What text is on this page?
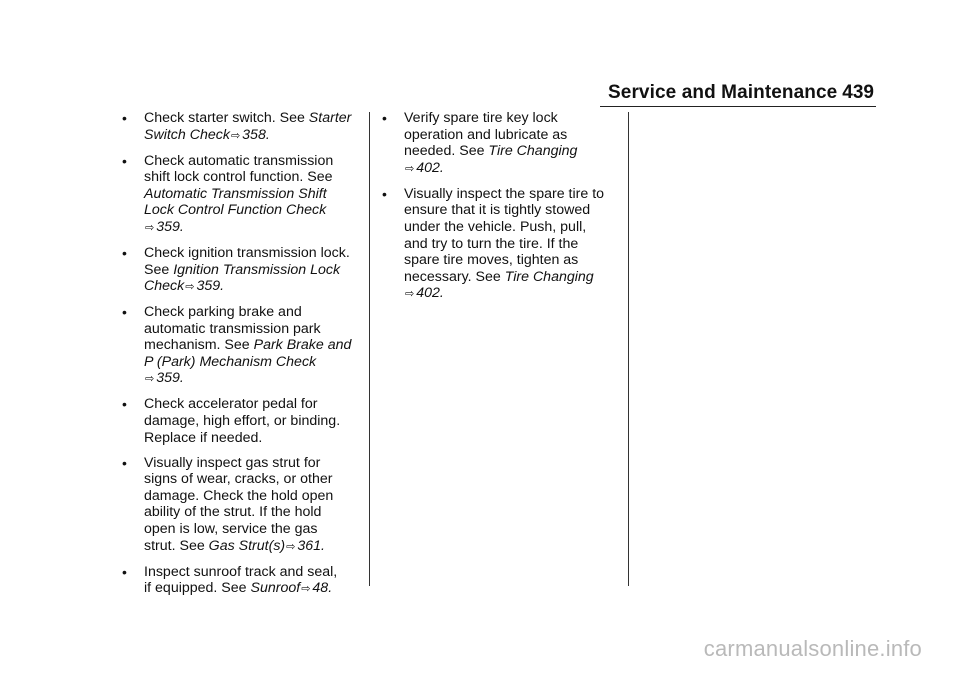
Service and Maintenance 439
•	Check starter switch. See Starter
Switch Check⇨ 358.
•	Check automatic transmission
shift lock control function. See
Automatic Transmission Shift
Lock Control Function Check
⇨ 359.
•	Check ignition transmission lock.
See Ignition Transmission Lock
Check⇨ 359.
•	Check parking brake and
automatic transmission park
mechanism. See Park Brake and
P (Park) Mechanism Check
⇨ 359.
•	Check accelerator pedal for
damage, high effort, or binding.
Replace if needed.
•	Visually inspect gas strut for
signs of wear, cracks, or other
damage. Check the hold open
ability of the strut. If the hold
open is low, service the gas
strut. See Gas Strut(s)⇨ 361.
•	Inspect sunroof track and seal,
if equipped. See Sunroof⇨ 48.
•	Verify spare tire key lock
operation and lubricate as
needed. See Tire Changing
⇨ 402.
•	Visually inspect the spare tire to
ensure that it is tightly stowed
under the vehicle. Push, pull,
and try to turn the tire. If the
spare tire moves, tighten as
necessary. See Tire Changing
⇨ 402.
carmanualsonline.info
